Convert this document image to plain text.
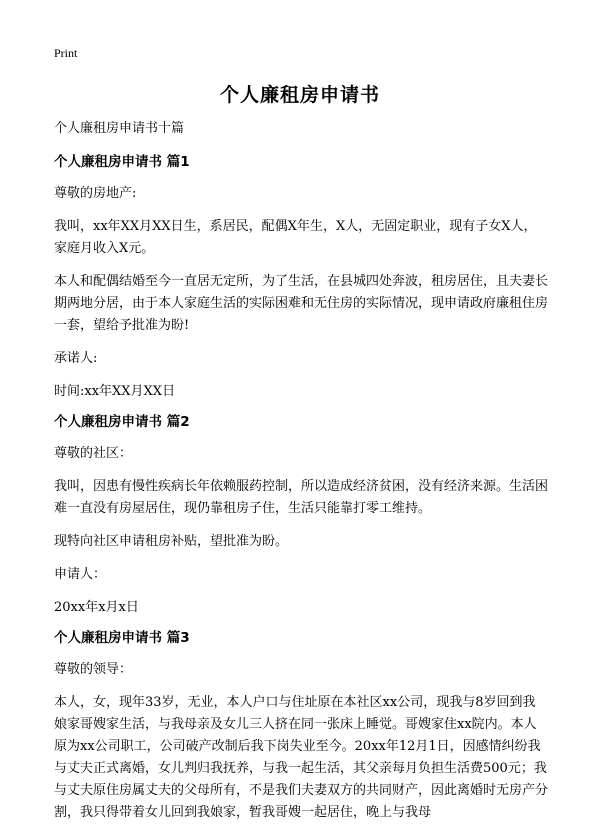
Print
个人廉租房申请书

个人廉租房申请书十篇

个人廉租房申请书 篇1

尊敬的房地产:

我叫，xx年XX月XX日生，系居民，配偶X年生，X人，无固定职业，现有子女X人，家庭月收入X元。

本人和配偶结婚至今一直居无定所，为了生活，在县城四处奔波，租房居住，且夫妻长期两地分居，由于本人家庭生活的实际困难和无住房的实际情况，现申请政府廉租住房一套，望给予批准为盼!

承诺人:

时间:xx年XX月XX日

个人廉租房申请书 篇2

尊敬的社区：

我叫，因患有慢性疾病长年依赖服药控制，所以造成经济贫困，没有经济来源。生活困难一直没有房屋居住，现仍靠租房子住，生活只能靠打零工维持。

现特向社区申请租房补贴，望批准为盼。

申请人：

20xx年x月x日

个人廉租房申请书 篇3

尊敬的领导：

本人，女，现年33岁，无业，本人户口与住址原在本社区xx公司，现我与8岁回到我娘家哥嫂家生活，与我母亲及女儿三人挤在同一张床上睡觉。哥嫂家住xx院内。本人原为xx公司职工，公司破产改制后我下岗失业至今。20xx年12月1日，因感情纠纷我与丈夫正式离婚，女儿判归我抚养，与我一起生活，其父亲每月负担生活费500元；我与丈夫原住房属丈夫的父母所有，不是我们夫妻双方的共同财产，因此离婚时无房产分割，我只得带着女儿回到我娘家，暂我哥嫂一起居住，晚上与我母
